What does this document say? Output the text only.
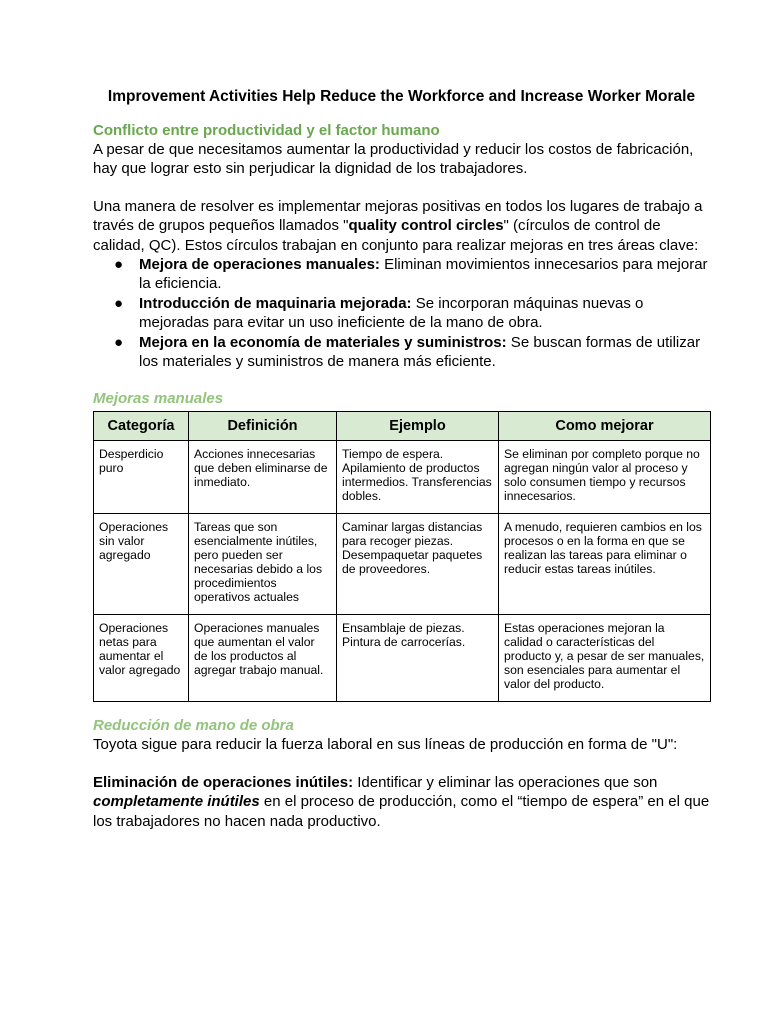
Improvement Activities Help Reduce the Workforce and Increase Worker Morale
Conflicto entre productividad y el factor humano

A pesar de que necesitamos aumentar la productividad y reducir los costos de fabricación, hay que lograr esto sin perjudicar la dignidad de los trabajadores.

Una manera de resolver es implementar mejoras positivas en todos los lugares de trabajo a través de grupos pequeños llamados "quality control circles" (círculos de control de calidad, QC). Estos círculos trabajan en conjunto para realizar mejoras en tres áreas clave:

● Mejora de operaciones manuales: Eliminan movimientos innecesarios para mejorar la eficiencia.
● Introducción de maquinaria mejorada: Se incorporan máquinas nuevas o mejoradas para evitar un uso ineficiente de la mano de obra.
● Mejora en la economía de materiales y suministros: Se buscan formas de utilizar los materiales y suministros de manera más eficiente.
Mejoras manuales
Categoría	Definición	Ejemplo	Como mejorar
Desperdicio puro	Acciones innecesarias que deben eliminarse de inmediato.	Tiempo de espera. Apilamiento de productos intermedios. Transferencias dobles.	Se eliminan por completo porque no agregan ningún valor al proceso y solo consumen tiempo y recursos innecesarios.
Operaciones sin valor agregado	Tareas que son esencialmente inútiles, pero pueden ser necesarias debido a los procedimientos operativos actuales	Caminar largas distancias para recoger piezas. Desempaquetar paquetes de proveedores.	A menudo, requieren cambios en los procesos o en la forma en que se realizan las tareas para eliminar o reducir estas tareas inútiles.
Operaciones netas para aumentar el valor agregado	Operaciones manuales que aumentan el valor de los productos al agregar trabajo manual.	Ensamblaje de piezas. Pintura de carrocerías.	Estas operaciones mejoran la calidad o características del producto y, a pesar de ser manuales, son esenciales para aumentar el valor del producto.
Reducción de mano de obra

Toyota sigue para reducir la fuerza laboral en sus líneas de producción en forma de "U":

Eliminación de operaciones inútiles: Identificar y eliminar las operaciones que son completamente inútiles en el proceso de producción, como el “tiempo de espera” en el que los trabajadores no hacen nada productivo.
